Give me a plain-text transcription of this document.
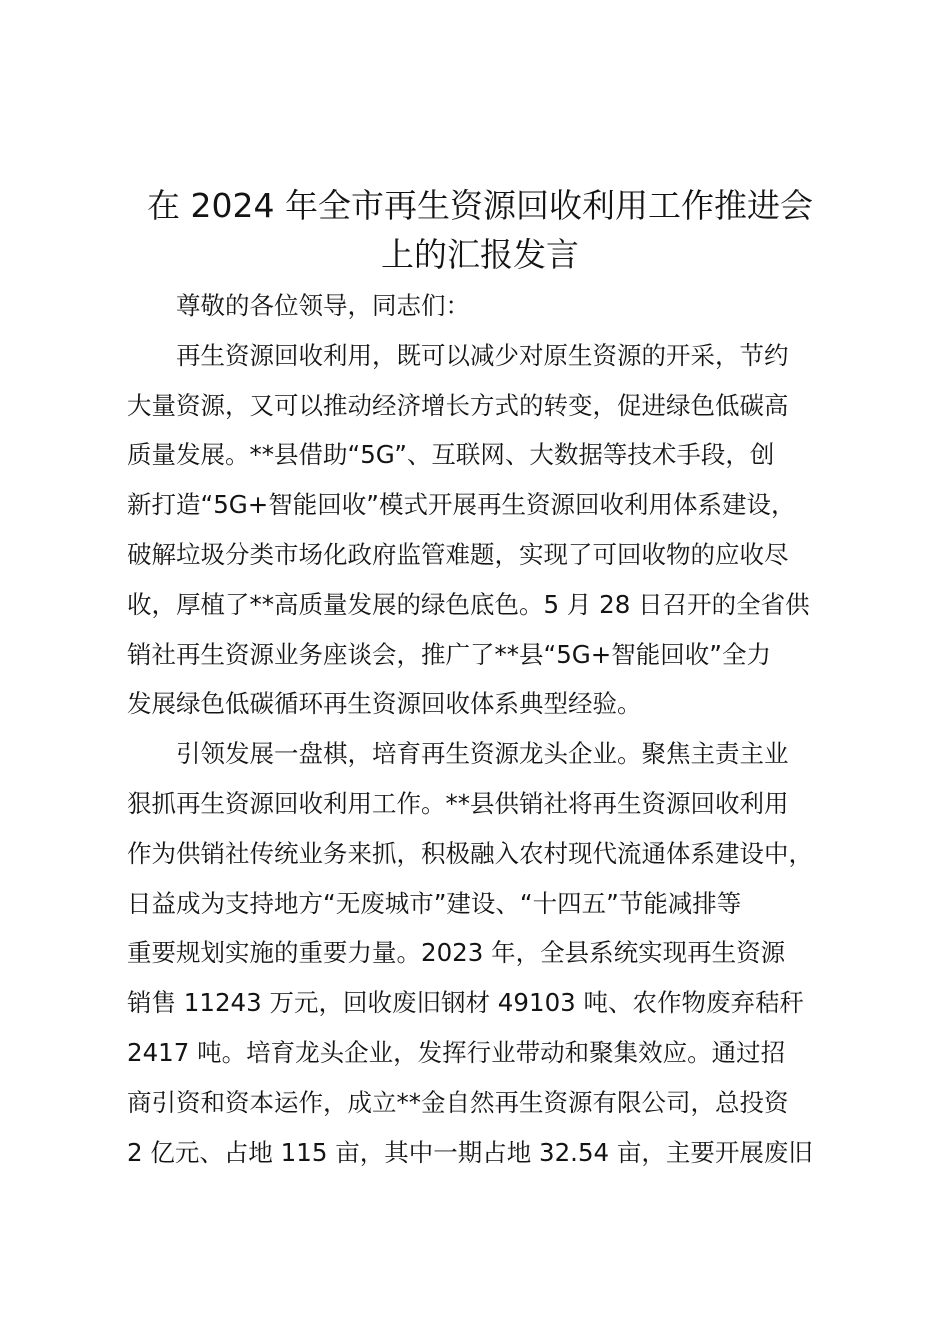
在 2024 年全市再生资源回收利用工作推进会
上的汇报发言
尊敬的各位领导，同志们：
再生资源回收利用，既可以减少对原生资源的开采，节约
大量资源，又可以推动经济增长方式的转变，促进绿色低碳高
质量发展。**县借助“5G”、互联网、大数据等技术手段，创
新打造“5G+智能回收”模式开展再生资源回收利用体系建设，
破解垃圾分类市场化政府监管难题，实现了可回收物的应收尽
收，厚植了**高质量发展的绿色底色。5 月 28 日召开的全省供
销社再生资源业务座谈会，推广了**县“5G+智能回收”全力
发展绿色低碳循环再生资源回收体系典型经验。
引领发展一盘棋，培育再生资源龙头企业。聚焦主责主业
狠抓再生资源回收利用工作。**县供销社将再生资源回收利用
作为供销社传统业务来抓，积极融入农村现代流通体系建设中，
日益成为支持地方“无废城市”建设、“十四五”节能减排等
重要规划实施的重要力量。2023 年，全县系统实现再生资源
销售 11243 万元，回收废旧钢材 49103 吨、农作物废弃秸秆
2417 吨。培育龙头企业，发挥行业带动和聚集效应。通过招
商引资和资本运作，成立**金自然再生资源有限公司，总投资
2 亿元、占地 115 亩，其中一期占地 32.54 亩，主要开展废旧
